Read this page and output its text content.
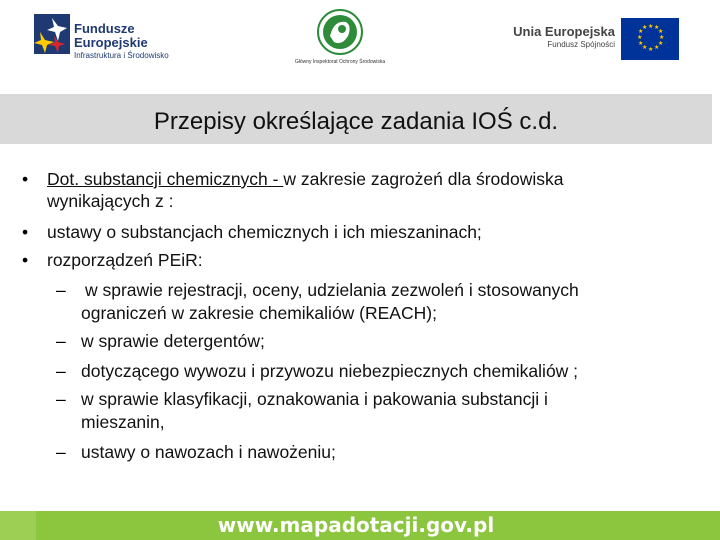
Fundusze
Europejskie
Infrastruktura i Środowisko
Główny Inspektorat Ochrony Środowiska
Unia Europejska
Fundusz Spójności
★ ★
★
★
★
★
★
★
★
★
★
★
Przepisy określające zadania IOŚ c.d.
• Dot. substancji chemicznych - w zakresie zagrożeń dla środowiska
wynikających z :
• ustawy o substancjach chemicznych i ich mieszaninach;
• rozporządzeń PEiR:
– w sprawie rejestracji, oceny, udzielania zezwoleń i stosowanych
ograniczeń w zakresie chemikaliów (REACH);
– w sprawie detergentów;
– dotyczącego wywozu i przywozu niebezpiecznych chemikaliów ;
– w sprawie klasyfikacji, oznakowania i pakowania substancji i
mieszanin,
– ustawy o nawozach i nawożeniu;
www.mapadotacji.gov.pl
